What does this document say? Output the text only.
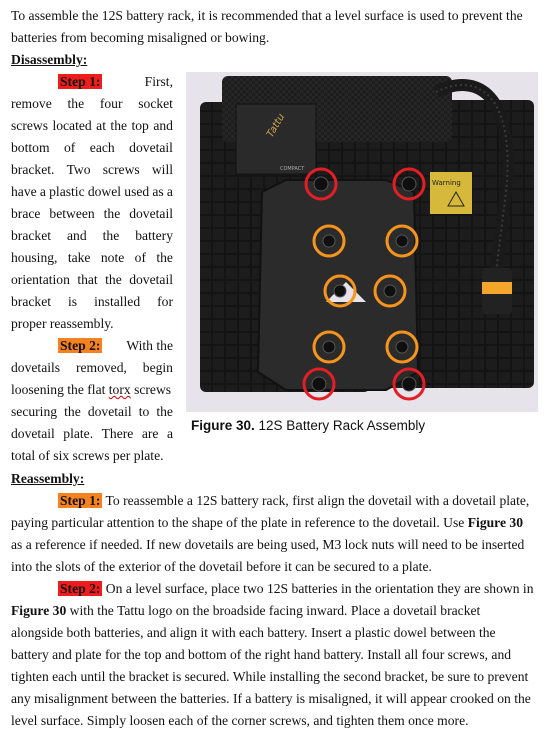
To assemble the 12S battery rack, it is recommended that a level surface is used to prevent the
batteries from becoming misaligned or bowing.
Disassembly:
Step 1:	First,
remove the four socket
screws located at the top and
bottom of each dovetail
bracket. Two screws will
have a plastic dowel used as a
brace between the dovetail
bracket and the battery
housing, take note of the
orientation that the dovetail
bracket is installed for
proper reassembly.
Step 2: With the
dovetails removed, begin
loosening the flat torx screws
securing the dovetail to the
dovetail plate. There are a
total of six screws per plate.
Tattu
COMPACT
Warning
Figure 30. 12S Battery Rack Assembly
Reassembly:
Step 1: To reassemble a 12S battery rack, first align the dovetail with a dovetail plate,
paying particular attention to the shape of the plate in reference to the dovetail. Use Figure 30
as a reference if needed. If new dovetails are being used, M3 lock nuts will need to be inserted
into the slots of the exterior of the dovetail before it can be secured to a plate.
Step 2: On a level surface, place two 12S batteries in the orientation they are shown in
Figure 30 with the Tattu logo on the broadside facing inward. Place a dovetail bracket
alongside both batteries, and align it with each battery. Insert a plastic dowel between the
battery and plate for the top and bottom of the right hand battery. Install all four screws, and
tighten each until the bracket is secured. While installing the second bracket, be sure to prevent
any misalignment between the batteries. If a battery is misaligned, it will appear crooked on the
level surface. Simply loosen each of the corner screws, and tighten them once more.
